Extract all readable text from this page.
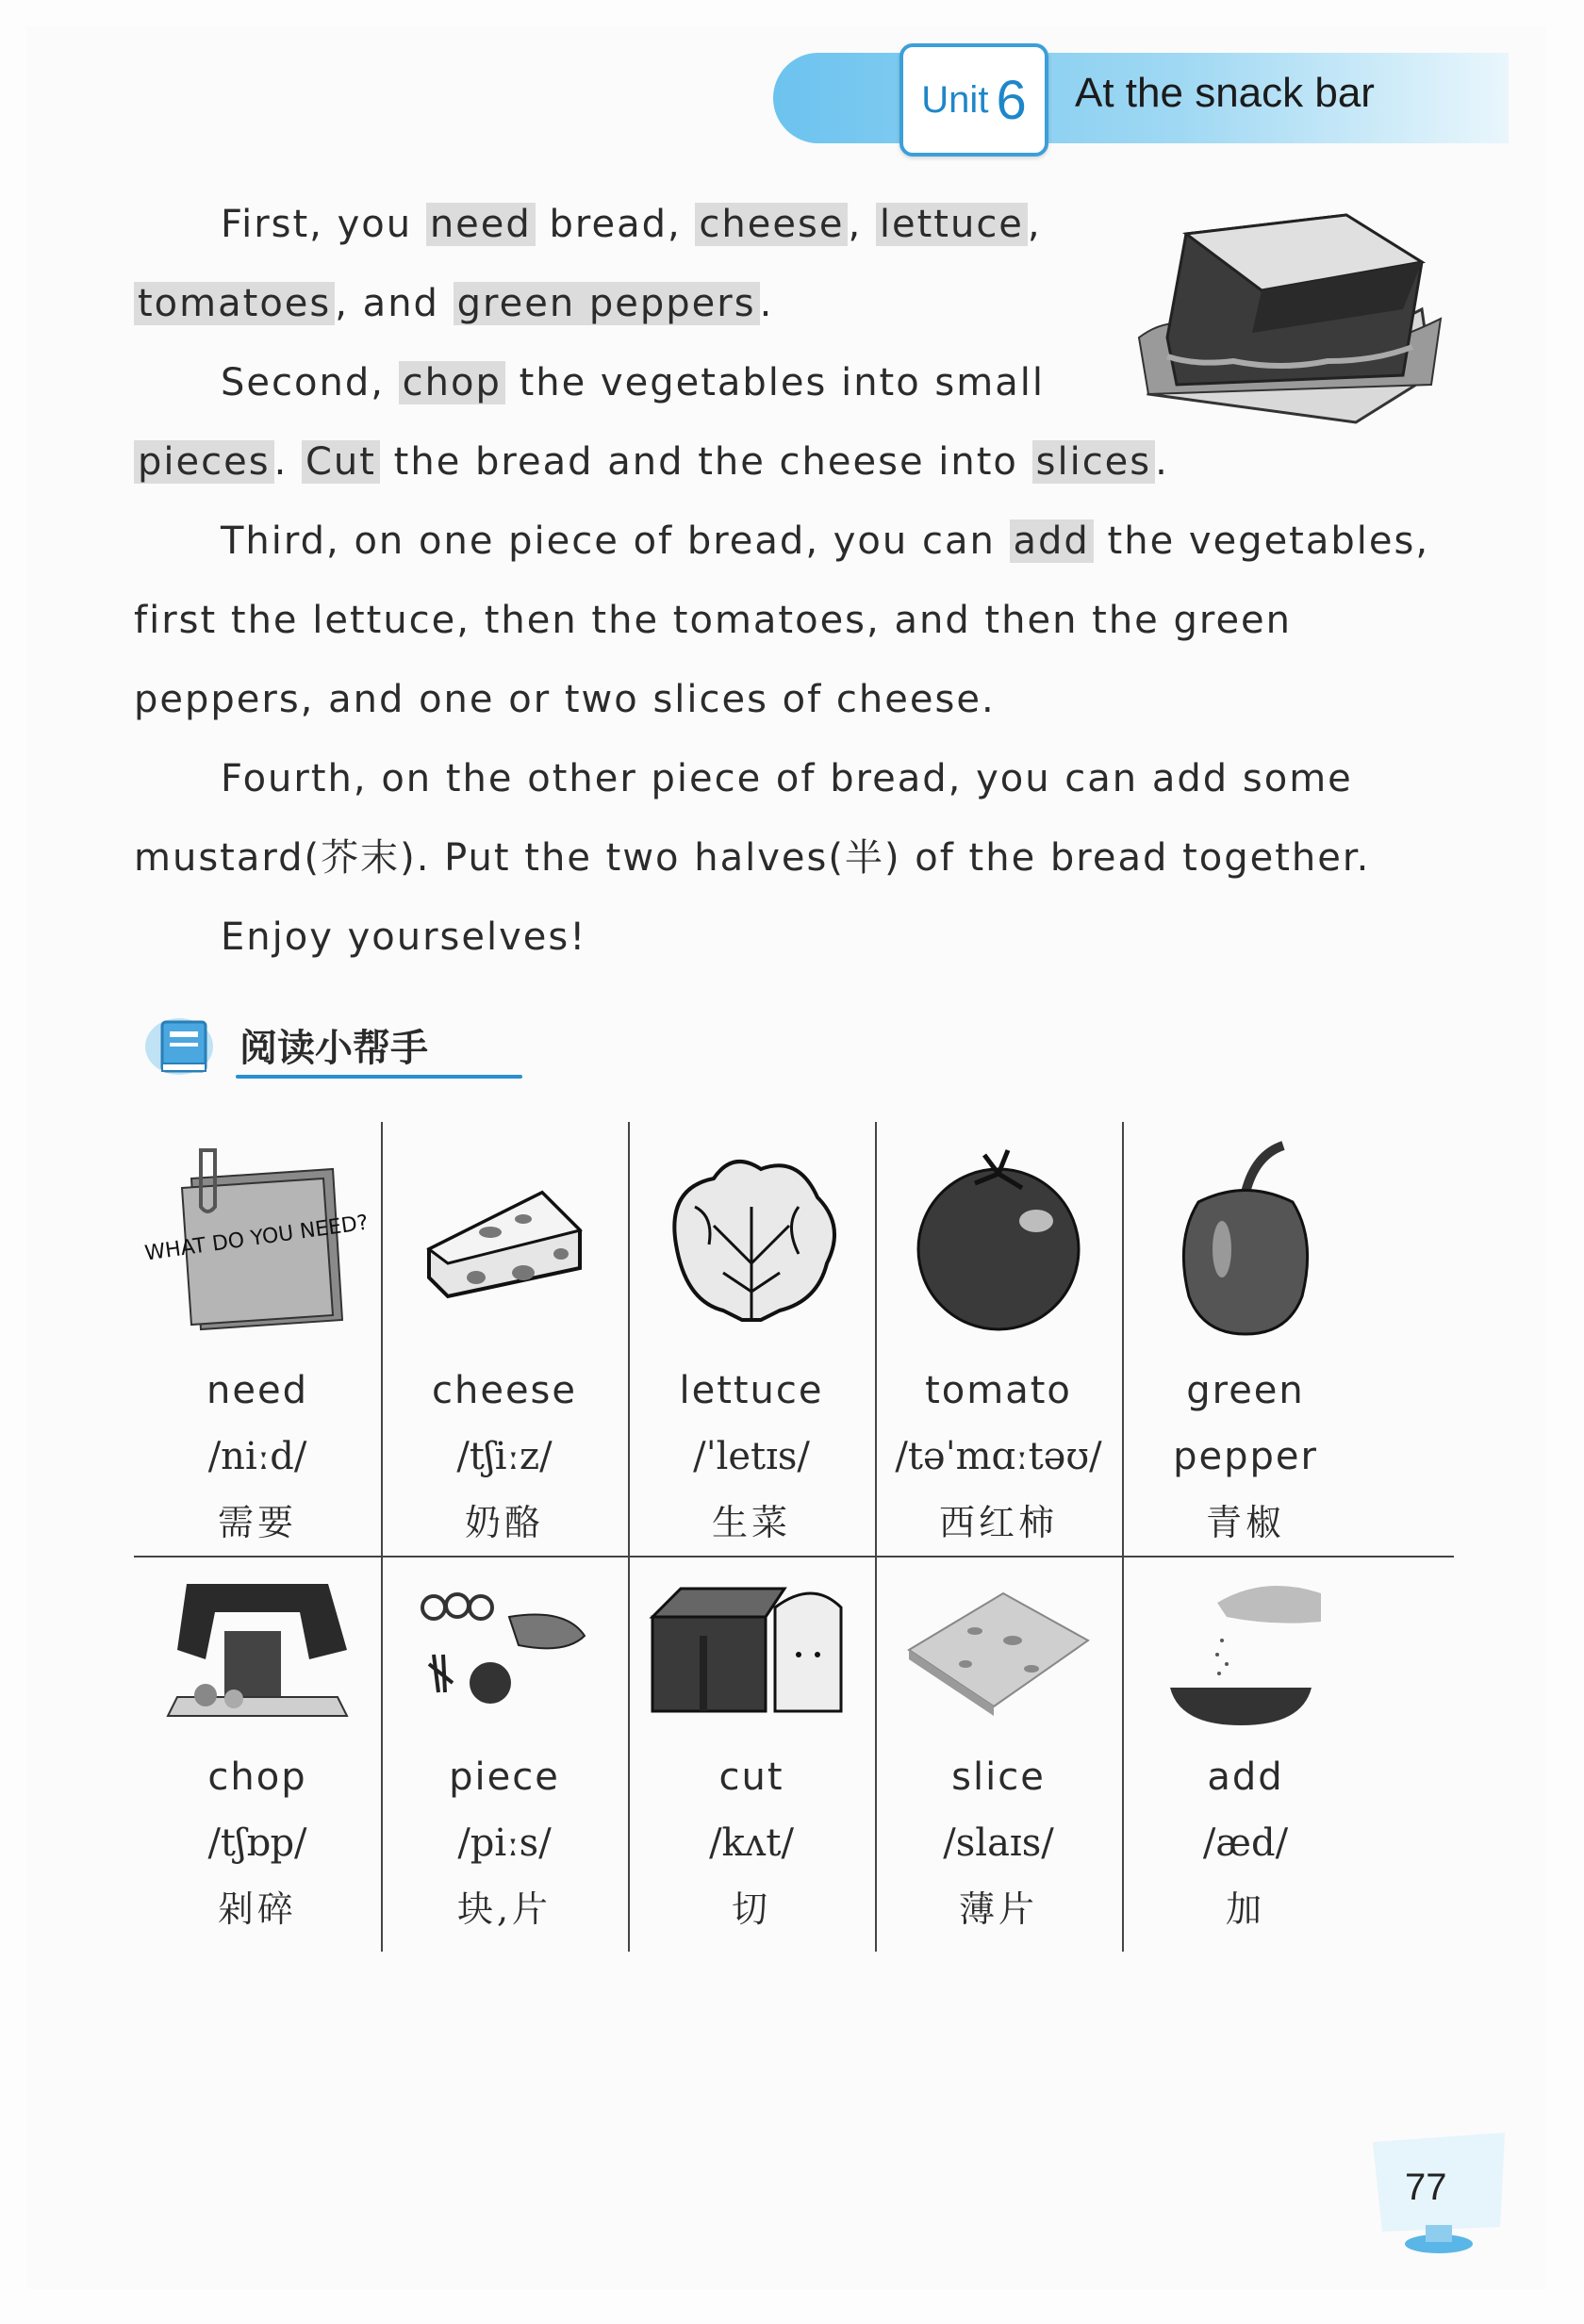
Unit 6 At the snack bar
First, you need bread, cheese , lettuce ,
tomatoes , and green peppers .
Second, chop the vegetables into small
pieces . Cut the bread and the cheese into slices .
Third, on one piece of bread, you can add the vegetables, first the lettuce, then the tomatoes, and then the green peppers, and one or two slices of cheese.
Fourth, on the other piece of bread, you can add some mustard(芥末). Put the two halves(半) of the bread together.
Enjoy yourselves!
阅读小帮手
WHAT DO YOU NEED?
need
/niːd/
需要
cheese
/tʃiːz/
奶酪
lettuce
/ˈletɪs/
生菜
tomato
/təˈmɑːtəʊ/
西红柿
green pepper
青椒
chop
/tʃɒp/
剁碎
piece
/piːs/
块,片
cut
/kʌt/
切
slice
/slaɪs/
薄片
add
/æd/
加
77
